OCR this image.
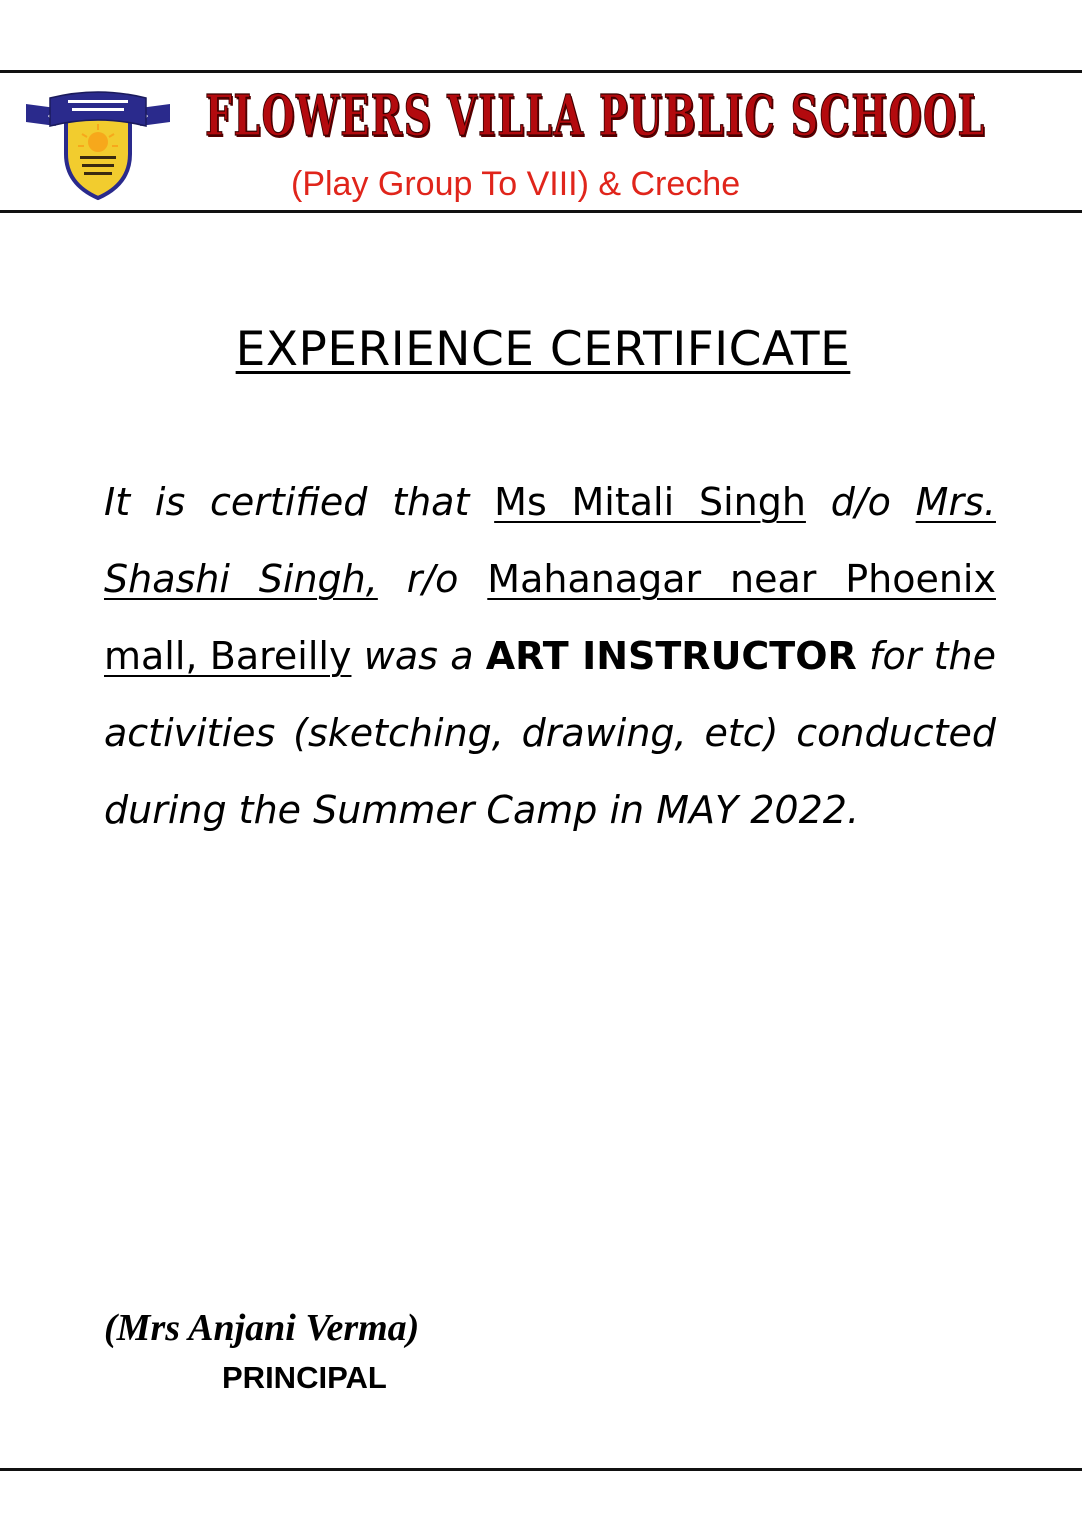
FLOWERS VILLA PUBLIC SCHOOL
(Play Group To VIII) & Creche
EXPERIENCE CERTIFICATE
It is certified that Ms Mitali Singh d/o Mrs. Shashi Singh, r/o Mahanagar near Phoenix mall, Bareilly was a ART INSTRUCTOR for the activities (sketching, drawing, etc) conducted during the Summer Camp in MAY 2022.
(Mrs Anjani Verma)
PRINCIPAL
